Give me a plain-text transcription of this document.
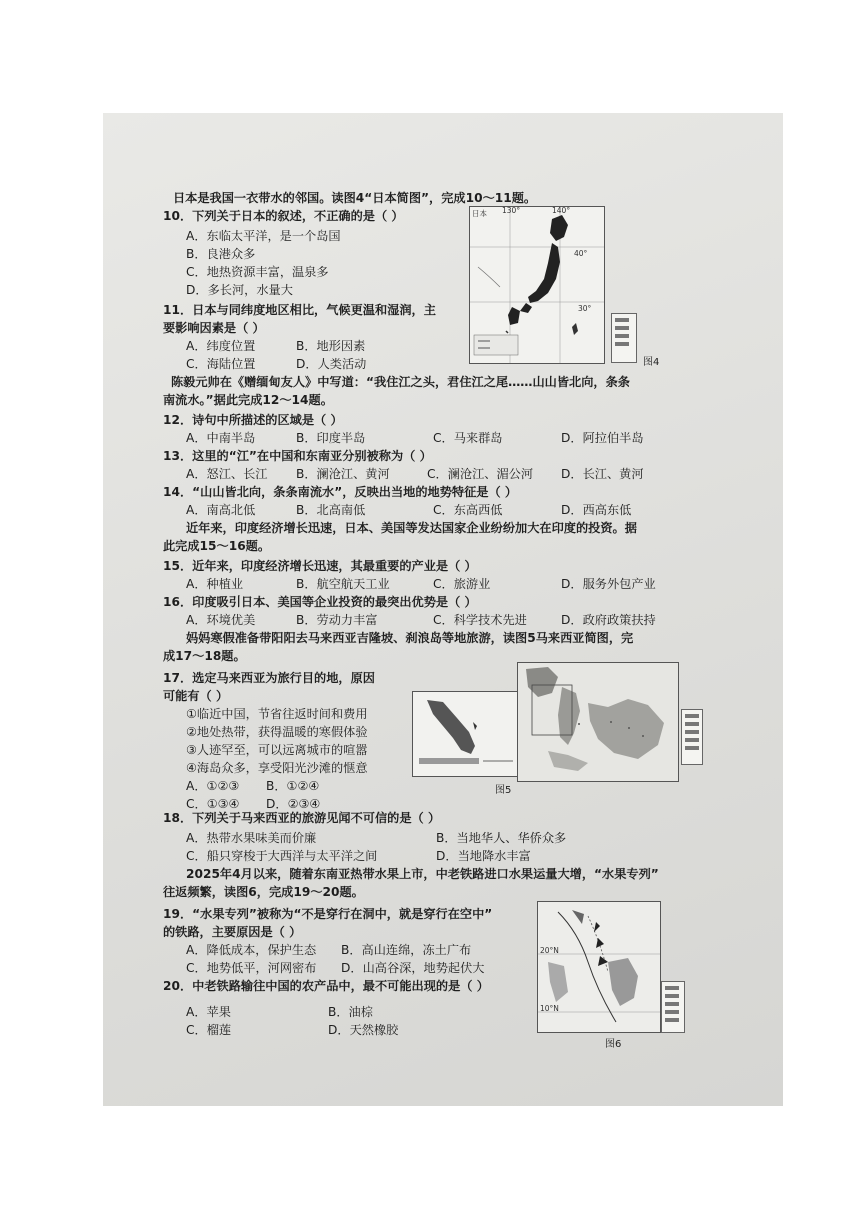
日本是我国一衣带水的邻国。读图4“日本简图”，完成10～11题。
10．下列关于日本的叙述，不正确的是（ ）
A．东临太平洋，是一个岛国
B．良港众多
C．地热资源丰富，温泉多
D．多长河，水量大
11．日本与同纬度地区相比，气候更温和湿润，主
要影响因素是（ ）
A．纬度位置	B．地形因素
C．海陆位置	D．人类活动
日本 130°	140°
40°
30°
图4
陈毅元帅在《赠缅甸友人》中写道：“我住江之头，君住江之尾……山山皆北向，条条
南流水。”据此完成12～14题。
12．诗句中所描述的区域是（ ）
A．中南半岛	B．印度半岛	C．马来群岛	D．阿拉伯半岛
13．这里的“江”在中国和东南亚分别被称为（ ）
A．怒江、长江 B．澜沧江、黄河	C．澜沧江、湄公河 D．长江、黄河
14．“山山皆北向，条条南流水”，反映出当地的地势特征是（ ）
A．南高北低	B．北高南低	C．东高西低	D．西高东低
近年来，印度经济增长迅速，日本、美国等发达国家企业纷纷加大在印度的投资。据
此完成15～16题。
15．近年来，印度经济增长迅速，其最重要的产业是（ ）
A．种植业	B．航空航天工业	C．旅游业	D．服务外包产业
16．印度吸引日本、美国等企业投资的最突出优势是（ ）
A．环境优美	B．劳动力丰富	C．科学技术先进	D．政府政策扶持
妈妈寒假准备带阳阳去马来西亚吉隆坡、刹浪岛等地旅游，读图5马来西亚简图，完
成17～18题。
17．选定马来西亚为旅行目的地，原因
可能有（ ）
①临近中国，节省往返时间和费用
②地处热带，获得温暖的寒假体验
③人迹罕至，可以远离城市的喧嚣
④海岛众多，享受阳光沙滩的惬意
A．①②③ B．①②④
C．①③④ D．②③④
图5
18．下列关于马来西亚的旅游见闻不可信的是（ ）
A．热带水果味美而价廉	B．当地华人、华侨众多
C．船只穿梭于大西洋与太平洋之间	D．当地降水丰富
2025年4月以来，随着东南亚热带水果上市，中老铁路进口水果运量大增，“水果专列”
往返频繁，读图6，完成19～20题。
19．“水果专列”被称为“不是穿行在洞中，就是穿行在空中”
的铁路，主要原因是（ ）
A．降低成本，保护生态 B．高山连绵，冻土广布
C．地势低平，河网密布 D．山高谷深，地势起伏大
20．中老铁路输往中国的农产品中，最不可能出现的是（ ）
A．苹果	B．油棕
C．榴莲	D．天然橡胶
20°N
10°N
图6
